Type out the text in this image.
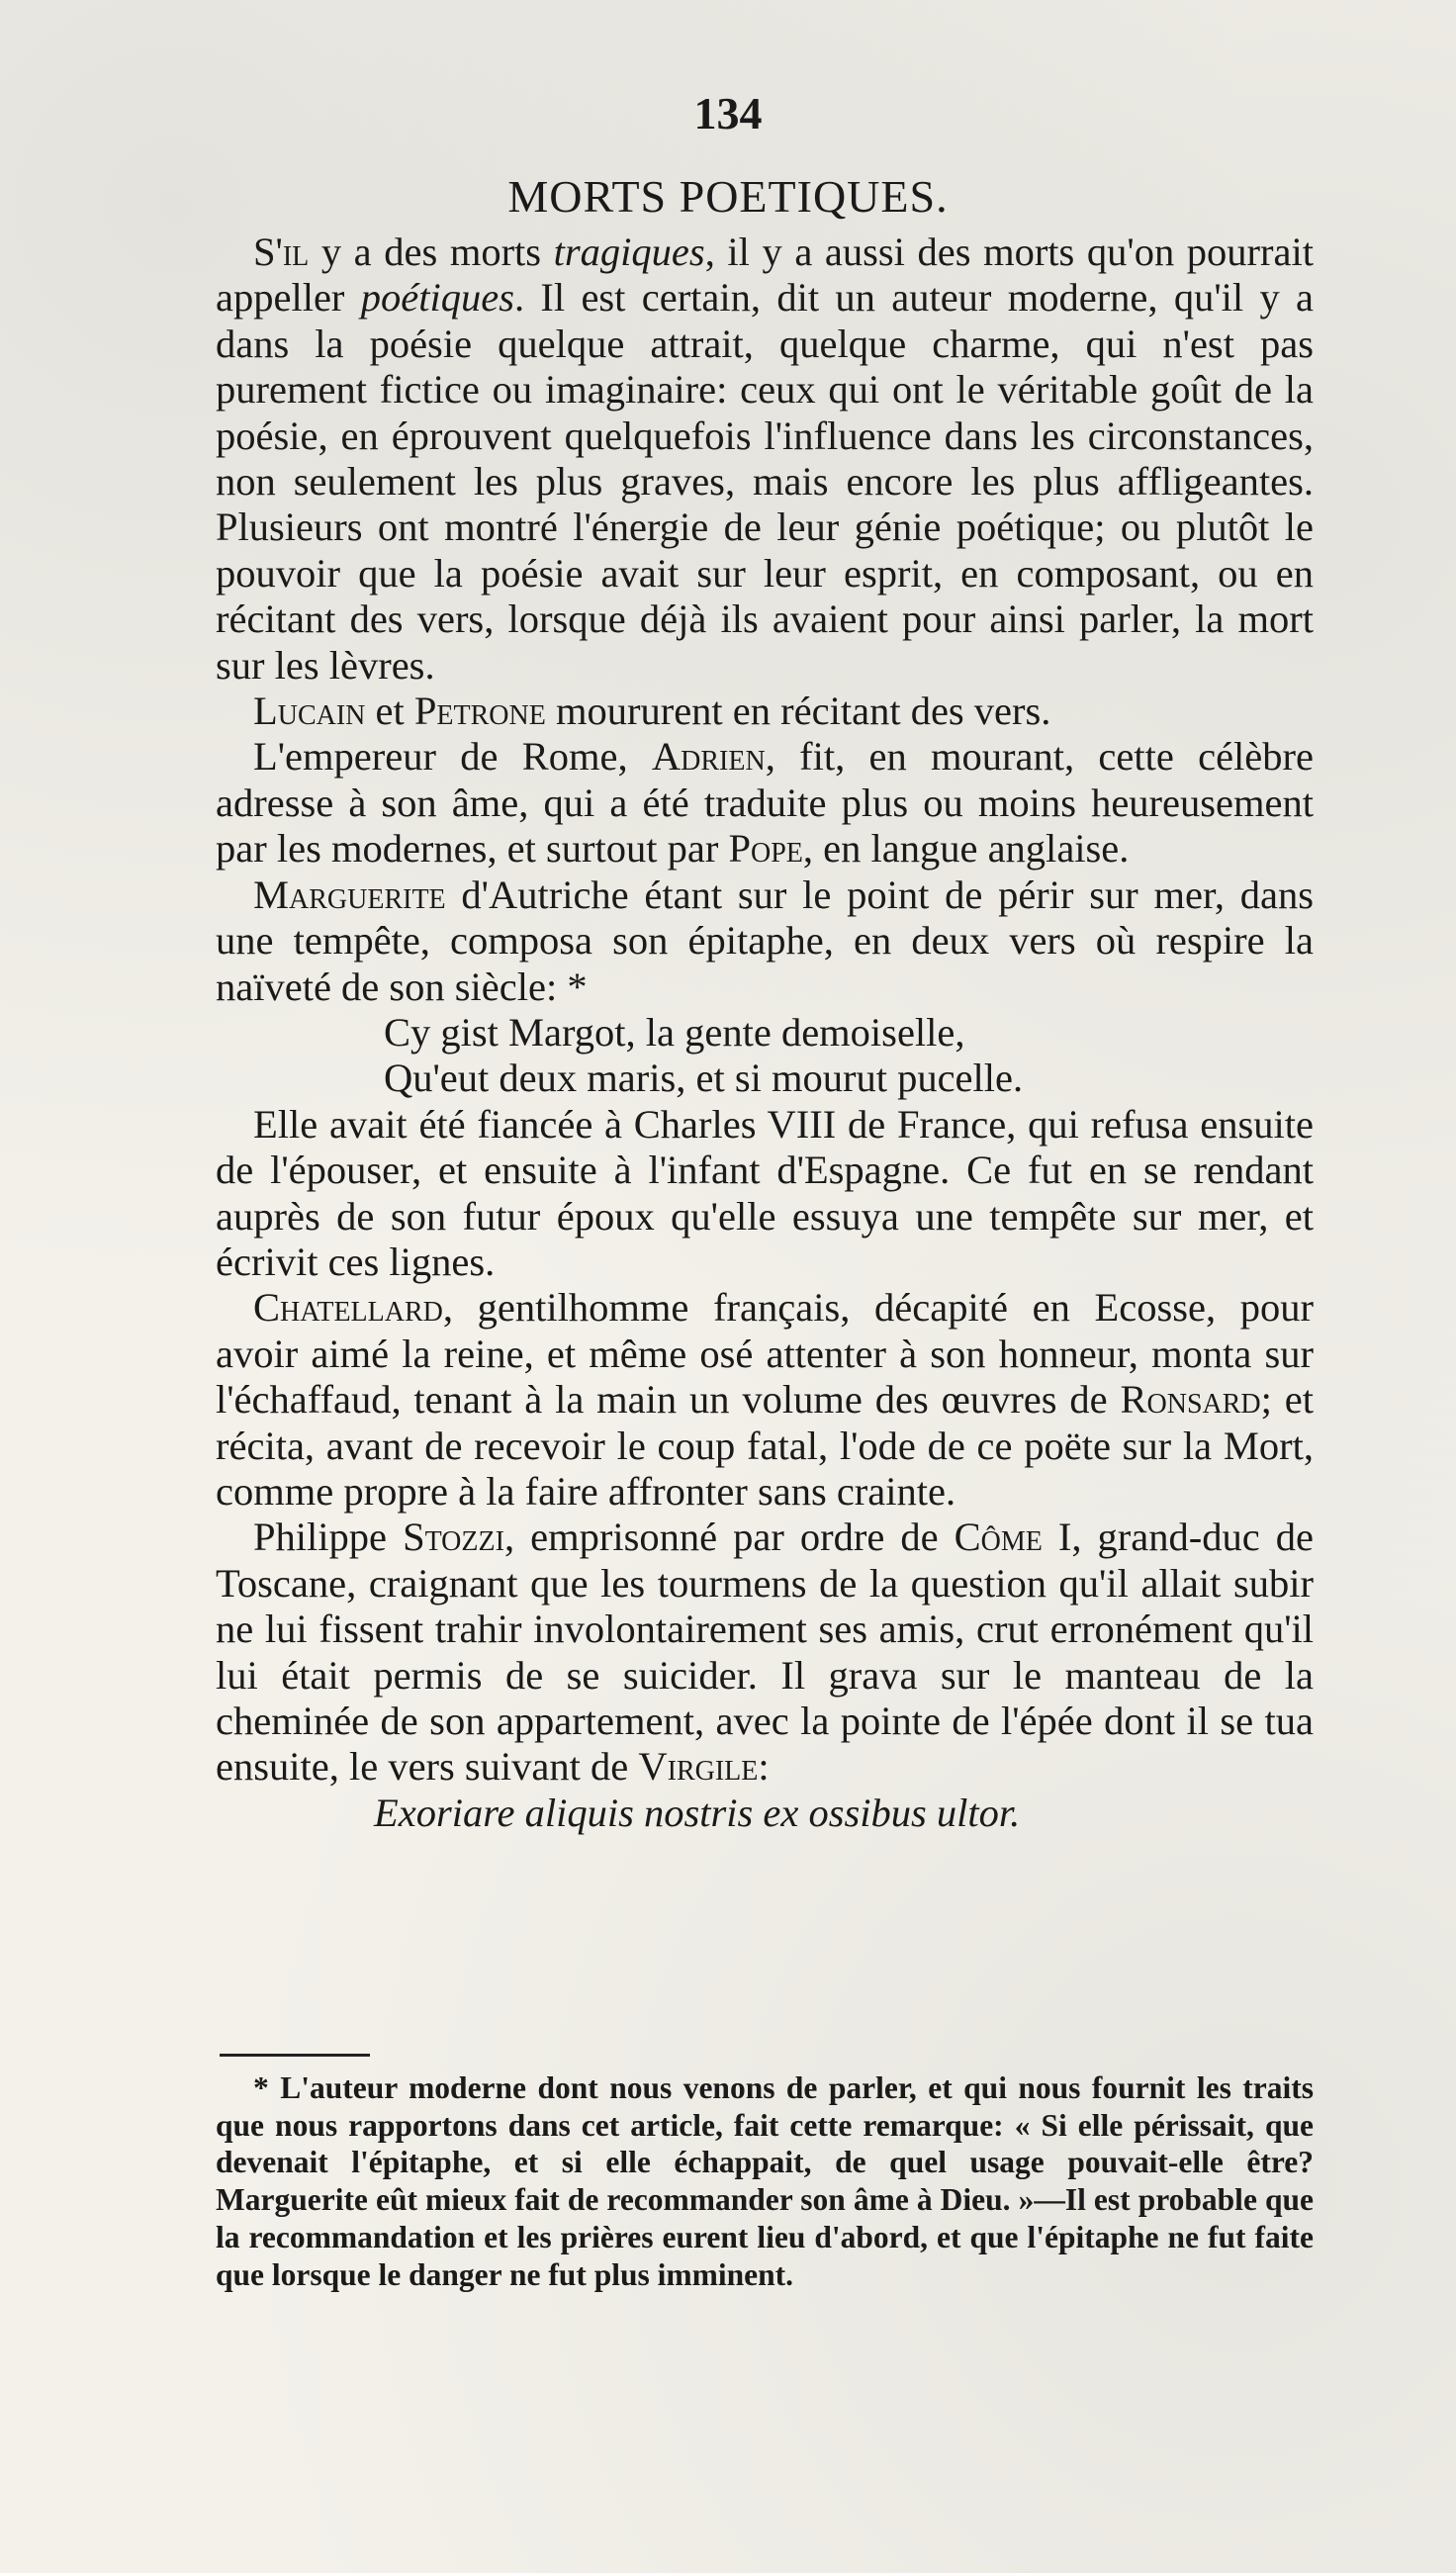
134
MORTS POETIQUES.

S'il y a des morts tragiques, il y a aussi des morts qu'on pourrait appeller poétiques. Il est certain, dit un auteur moderne, qu'il y a dans la poésie quelque attrait, quelque charme, qui n'est pas purement fictice ou imaginaire: ceux qui ont le véritable goût de la poésie, en éprouvent quelquefois l'influence dans les circonstances, non seulement les plus graves, mais encore les plus affligeantes. Plusieurs ont montré l'énergie de leur génie poétique; ou plutôt le pouvoir que la poésie avait sur leur esprit, en composant, ou en récitant des vers, lorsque déjà ils avaient pour ainsi parler, la mort sur les lèvres.

Lucain et Petrone moururent en récitant des vers.

L'empereur de Rome, Adrien, fit, en mourant, cette célèbre adresse à son âme, qui a été traduite plus ou moins heureusement par les modernes, et surtout par Pope, en langue anglaise.

Marguerite d'Autriche étant sur le point de périr sur mer, dans une tempête, composa son épitaphe, en deux vers où respire la naïveté de son siècle: *

Cy gist Margot, la gente demoiselle,
Qu'eut deux maris, et si mourut pucelle.

Elle avait été fiancée à Charles VIII de France, qui refusa ensuite de l'épouser, et ensuite à l'infant d'Espagne. Ce fut en se rendant auprès de son futur époux qu'elle essuya une tempête sur mer, et écrivit ces lignes.

Chatellard, gentilhomme français, décapité en Ecosse, pour avoir aimé la reine, et même osé attenter à son honneur, monta sur l'échaffaud, tenant à la main un volume des œuvres de Ronsard; et récita, avant de recevoir le coup fatal, l'ode de ce poëte sur la Mort, comme propre à la faire affronter sans crainte.

Philippe Stozzi, emprisonné par ordre de Côme I, grand-duc de Toscane, craignant que les tourmens de la question qu'il allait subir ne lui fissent trahir involontairement ses amis, crut erronément qu'il lui était permis de se suicider. Il grava sur le manteau de la cheminée de son appartement, avec la pointe de l'épée dont il se tua ensuite, le vers suivant de Virgile:

Exoriare aliquis nostris ex ossibus ultor.

* L'auteur moderne dont nous venons de parler, et qui nous fournit les traits que nous rapportons dans cet article, fait cette remarque: « Si elle périssait, que devenait l'épitaphe, et si elle échappait, de quel usage pouvait-elle être? Marguerite eût mieux fait de recommander son âme à Dieu. »—Il est probable que la recommandation et les prières eurent lieu d'abord, et que l'épitaphe ne fut faite que lorsque le danger ne fut plus imminent.
